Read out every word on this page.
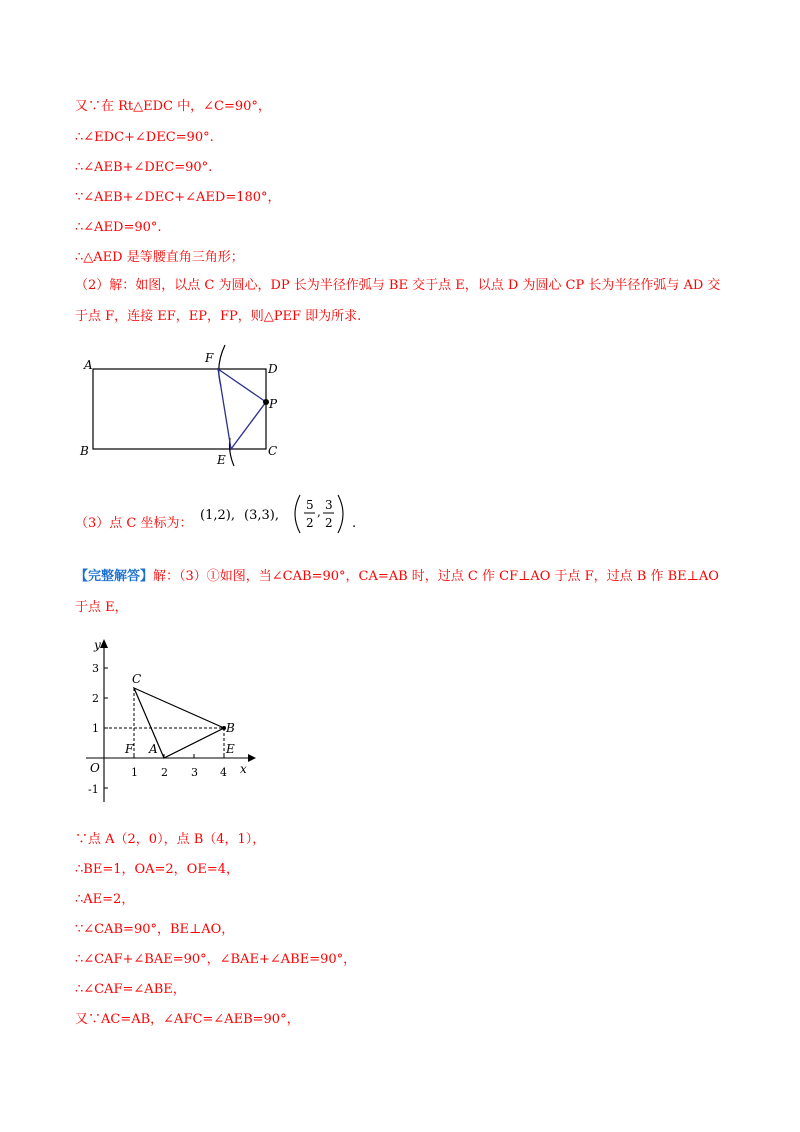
又∵在 Rt△EDC 中，∠C=90°，
∴∠EDC+∠DEC=90°.
∴∠AEB+∠DEC=90°.
∵∠AEB+∠DEC+∠AED=180°，
∴∠AED=90°.
∴△AED 是等腰直角三角形；
（2）解：如图，以点 C 为圆心，DP 长为半径作弧与 BE 交于点 E，以点 D 为圆心 CP 长为半径作弧与 AD 交于点 F，连接 EF，EP，FP，则△PEF 即为所求.
A
B	C
D
E
F
P
（3）点 C 坐标为：
(1,2), (3,3),
5
2
, 3
2 .
【完整解答】解：（3）①如图，当∠CAB=90°，CA=AB 时，过点 C 作 CF⊥AO 于点 F，过点 B 作 BE⊥AO 于点 E，
y
x
O	1 2 3 4
3
2
1
-1
C
B
A
F	E
∵点 A（2，0），点 B（4，1），
∴BE=1，OA=2，OE=4，
∴AE=2，
∵∠CAB=90°，BE⊥AO，
∴∠CAF+∠BAE=90°，∠BAE+∠ABE=90°，
∴∠CAF=∠ABE，
又∵AC=AB，∠AFC=∠AEB=90°，
